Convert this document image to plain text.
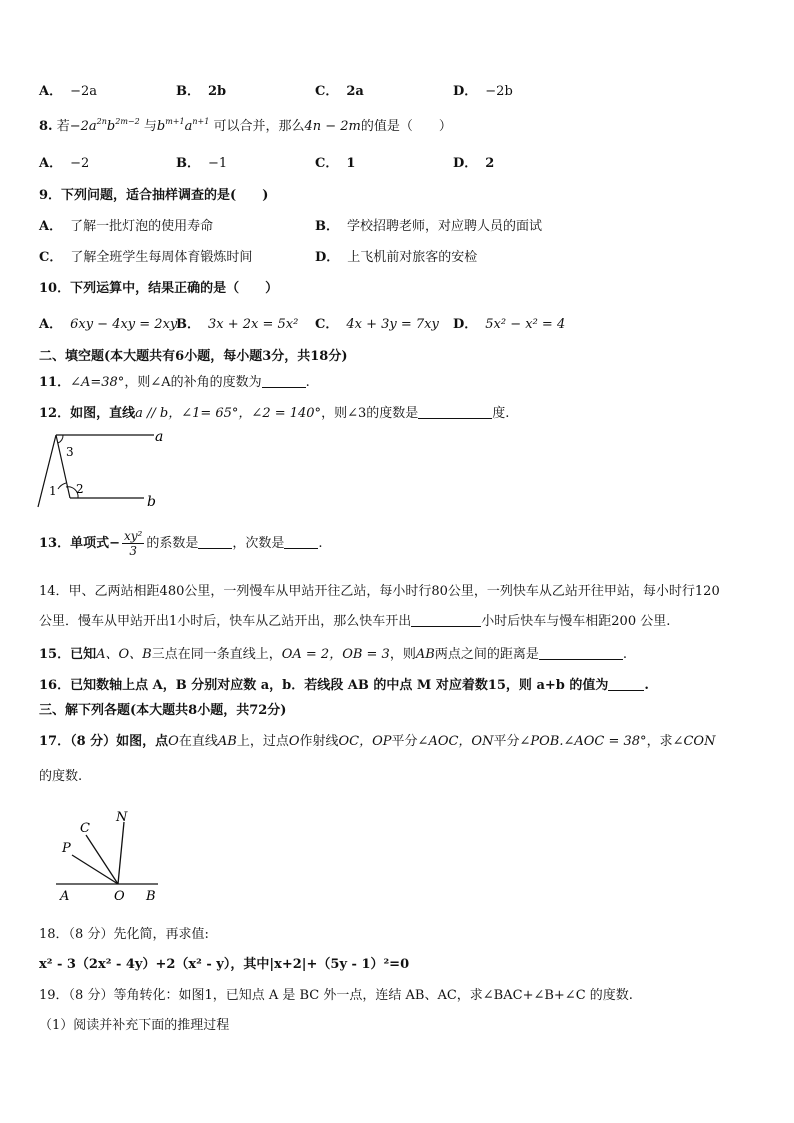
A． −2a	B． 2b	C． 2a	D． −2b
8. 若$-2a^{2n}b^{2m-2}$ 与$b^{m+1}a^{n+1}$ 可以合并，那么4n − 2m的值是（　　）
A． −2	B． −1	C． 1	D． 2
9．下列问题，适合抽样调查的是(　　)
A． 了解一批灯泡的使用寿命	B． 学校招聘老师，对应聘人员的面试
C． 了解全班学生每周体育锻炼时间	D． 上飞机前对旅客的安检
10．下列运算中，结果正确的是（　　）
A． 6xy − 4xy = 2xy
B． 3x + 2x = 5x² C． 4x + 3y = 7xy D． 5x² − x² = 4
二、填空题(本大题共有6小题，每小题3分，共18分)
11．∠A=38°，则∠A的补角的度数为	.
12．如图，直线a // b，∠1= 65°，∠2 = 140°，则∠3的度数是	度.
3
2
1
a
b
13．单项式− $\frac{\text{xy²}}{3}$ 的系数是	，次数是	.
14．甲、乙两站相距480公里，一列慢车从甲站开往乙站，每小时行80公里，一列快车从乙站开往甲站，每小时行120
公里．慢车从甲站开出1小时后，快车从乙站开出，那么快车开出	小时后快车与慢车相距200 公里.
15．已知A、O、B三点在同一条直线上，OA = 2，OB = 3，则AB两点之间的距离是	.
16．已知数轴上点 A，B 分别对应数 a，b．若线段 AB 的中点 M 对应着数15，则 a+b 的值为	.
三、解下列各题(本大题共8小题，共72分)
17．（8 分）如图，点O在直线AB上，过点O作射线OC，OP平分∠AOC，ON平分∠POB.∠AOC = 38°，求∠CON
的度数.
N
C
P
A	O B
18．（8 分）先化简，再求值:
x² - 3（2x² - 4y）+2（x² - y），其中|x+2|+（5y - 1）²=0
19．（8 分）等角转化：如图1，已知点 A 是 BC 外一点，连结 AB、AC，求∠BAC+∠B+∠C 的度数.
（1）阅读并补充下面的推理过程
